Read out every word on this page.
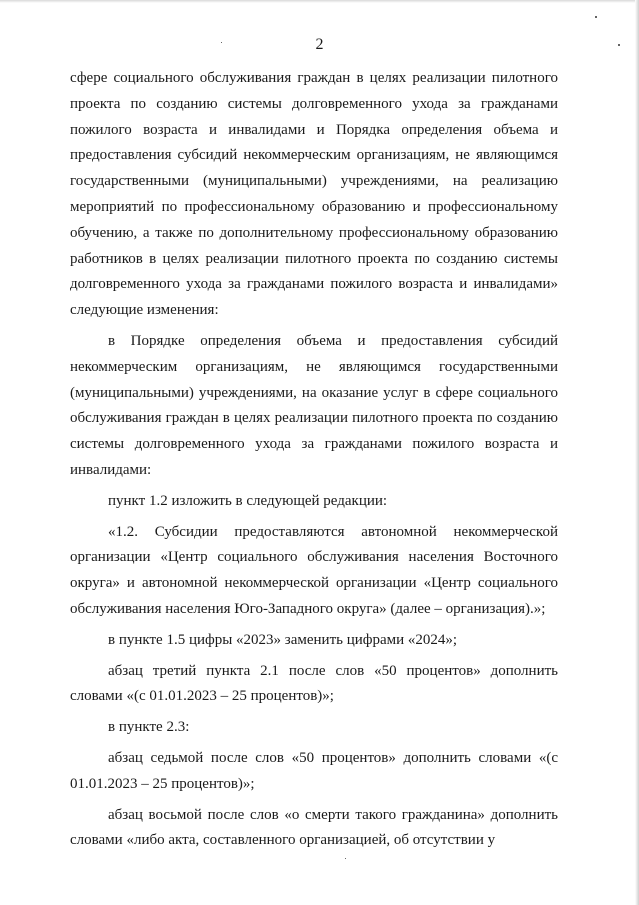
2

сфере социального обслуживания граждан в целях реализации пилотного проекта по созданию системы долговременного ухода за гражданами пожилого возраста и инвалидами и Порядка определения объема и предоставления субсидий некоммерческим организациям, не являющимся государственными (муниципальными) учреждениями, на реализацию мероприятий по профессиональному образованию и профессиональному обучению, а также по дополнительному профессиональному образованию работников в целях реализации пилотного проекта по созданию системы долговременного ухода за гражданами пожилого возраста и инвалидами» следующие изменения:

в Порядке определения объема и предоставления субсидий некоммерческим организациям, не являющимся государственными (муниципальными) учреждениями, на оказание услуг в сфере социального обслуживания граждан в целях реализации пилотного проекта по созданию системы долговременного ухода за гражданами пожилого возраста и инвалидами:

пункт 1.2 изложить в следующей редакции:

«1.2. Субсидии предоставляются автономной некоммерческой организации «Центр социального обслуживания населения Восточного округа» и автономной некоммерческой организации «Центр социального обслуживания населения Юго-Западного округа» (далее – организация).»;

в пункте 1.5 цифры «2023» заменить цифрами «2024»;

абзац третий пункта 2.1 после слов «50 процентов» дополнить словами «(с 01.01.2023 – 25 процентов)»;

в пункте 2.3:

абзац седьмой после слов «50 процентов» дополнить словами «(с 01.01.2023 – 25 процентов)»;

абзац восьмой после слов «о смерти такого гражданина» дополнить словами «либо акта, составленного организацией, об отсутствии у
